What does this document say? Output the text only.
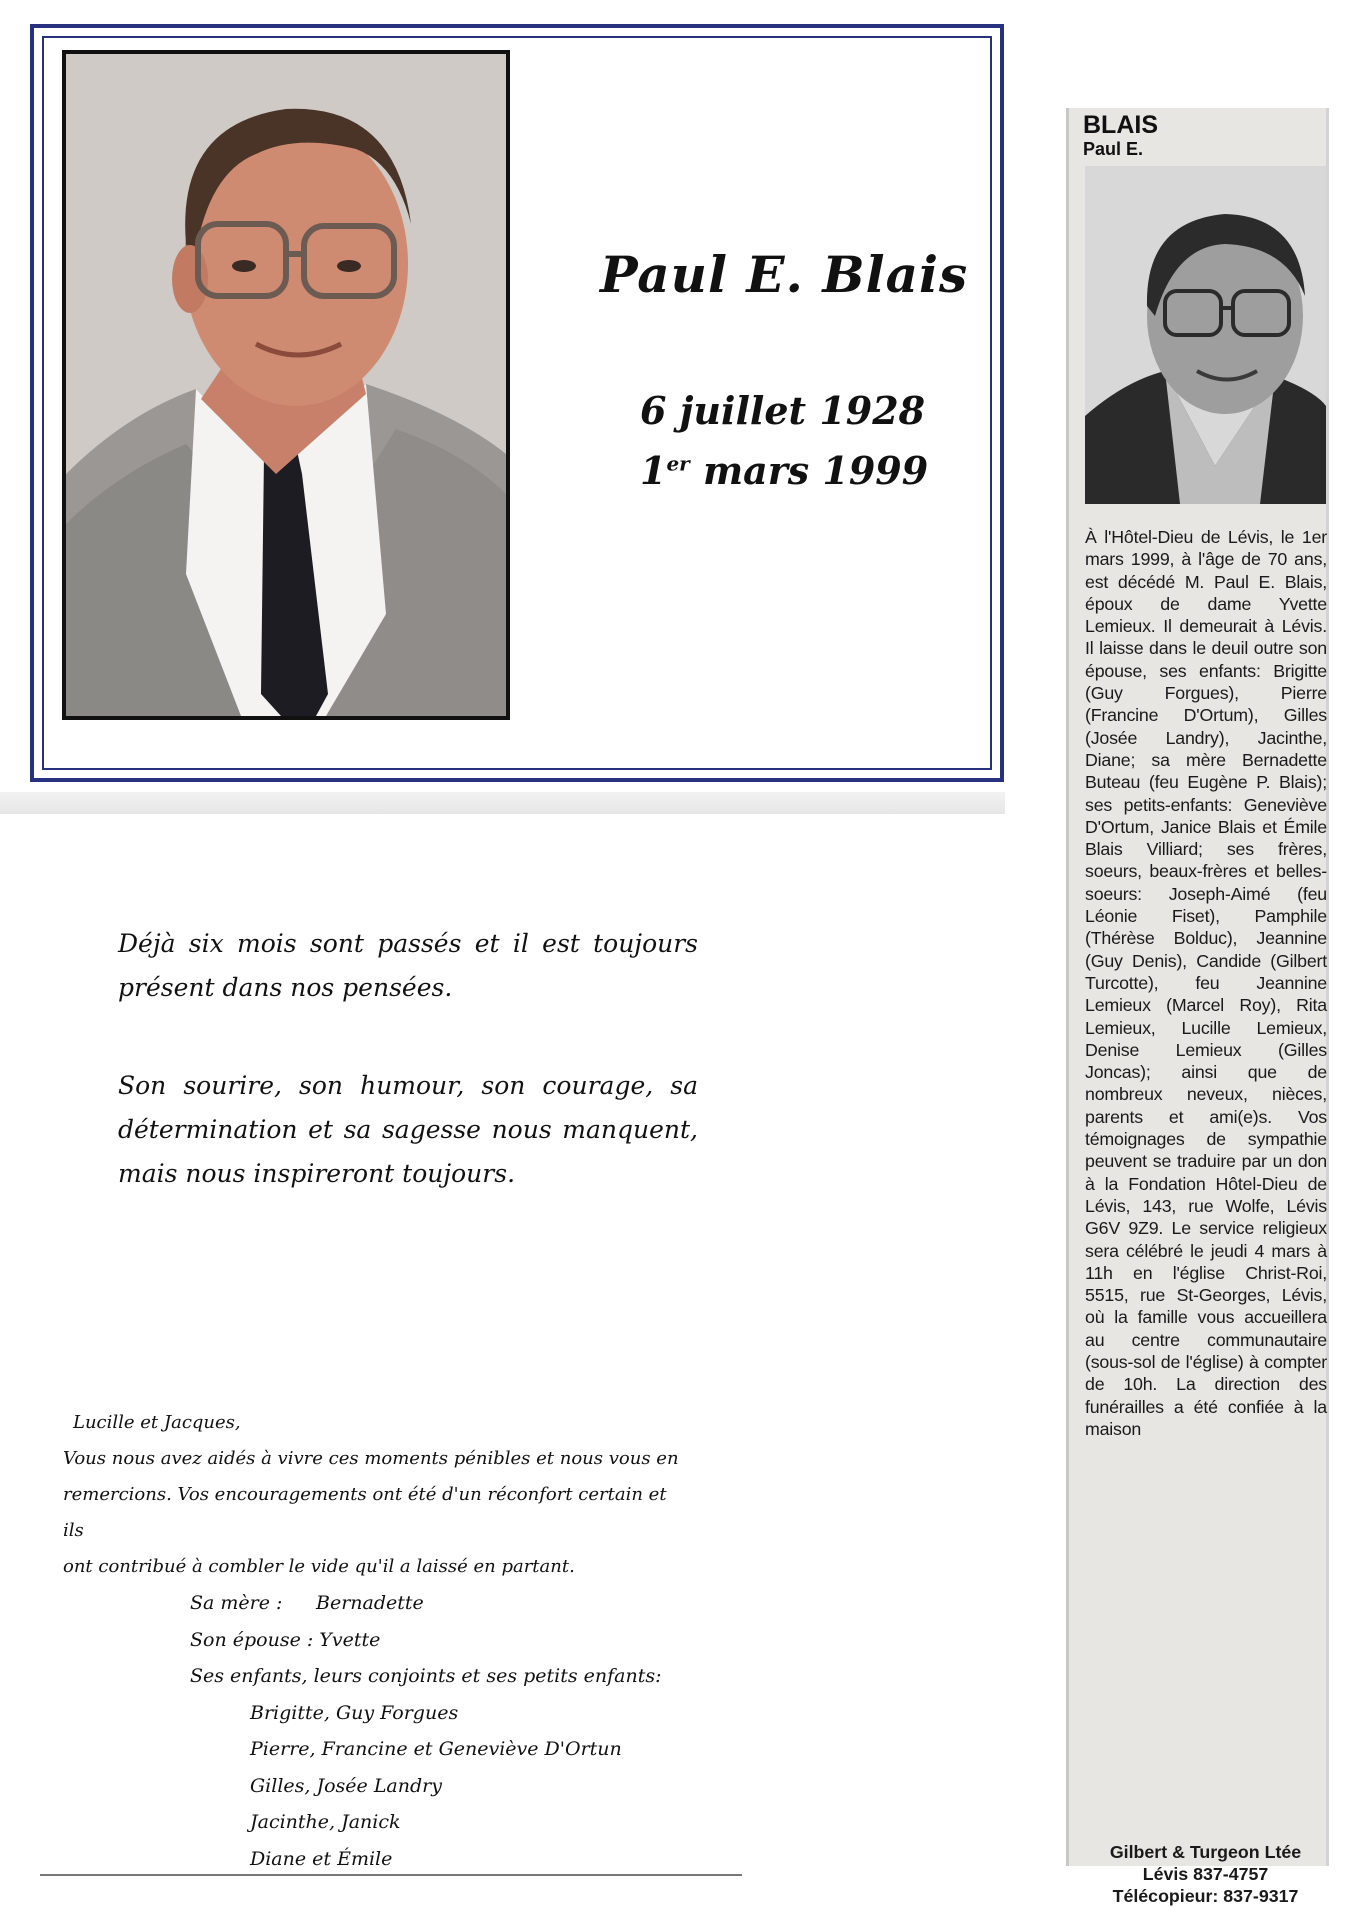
Paul E. Blais
6 juillet 1928
1er mars 1999

Déjà six mois sont passés et il est toujours présent dans nos pensées.

Son sourire, son humour, son courage, sa détermination et sa sagesse nous manquent, mais nous inspireront toujours.

Lucille et Jacques,
Vous nous avez aidés à vivre ces moments pénibles et nous vous en
remercions. Vos encouragements ont été d'un réconfort certain et ils
ont contribué à combler le vide qu'il a laissé en partant.
Sa mère : Bernadette
Son épouse : Yvette
Ses enfants, leurs conjoints et ses petits enfants:
Brigitte, Guy Forgues
Pierre, Francine et Geneviève D'Ortun
Gilles, Josée Landry
Jacinthe, Janick
Diane et Émile
BLAIS
Paul E.
À l'Hôtel-Dieu de Lévis, le 1er mars 1999, à l'âge de 70 ans, est décédé M. Paul E. Blais, époux de dame Yvette Lemieux. Il demeurait à Lévis. Il laisse dans le deuil outre son épouse, ses enfants: Brigitte (Guy Forgues), Pierre (Francine D'Ortum), Gilles (Josée Landry), Jacinthe, Diane; sa mère Bernadette Buteau (feu Eugène P. Blais); ses petits-enfants: Geneviève D'Ortum, Janice Blais et Émile Blais Villiard; ses frères, soeurs, beaux-frères et belles-soeurs: Joseph-Aimé (feu Léonie Fiset), Pamphile (Thérèse Bolduc), Jeannine (Guy Denis), Candide (Gilbert Turcotte), feu Jeannine Lemieux (Marcel Roy), Rita Lemieux, Lucille Lemieux, Denise Lemieux (Gilles Joncas); ainsi que de nombreux neveux, nièces, parents et ami(e)s. Vos témoignages de sympathie peuvent se traduire par un don à la Fondation Hôtel-Dieu de Lévis, 143, rue Wolfe, Lévis G6V 9Z9. Le service religieux sera célébré le jeudi 4 mars à 11h en l'église Christ-Roi, 5515, rue St-Georges, Lévis, où la famille vous accueillera au centre communautaire (sous-sol de l'église) à compter de 10h. La direction des funérailles a été confiée à la maison
Gilbert & Turgeon Ltée
Lévis 837-4757
Télécopieur: 837-9317
